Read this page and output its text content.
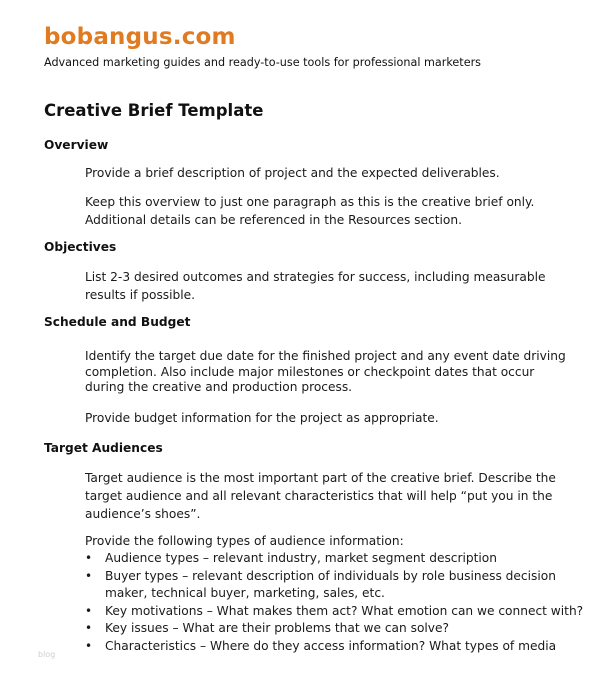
bobangus.com
Advanced marketing guides and ready-to-use tools for professional marketers
Creative Brief Template
Overview
Provide a brief description of project and the expected deliverables.
Keep this overview to just one paragraph as this is the creative brief only. Additional details can be referenced in the Resources section.
Objectives
List 2-3 desired outcomes and strategies for success, including measurable results if possible.
Schedule and Budget
Identify the target due date for the finished project and any event date driving completion. Also include major milestones or checkpoint dates that occur during the creative and production process.
Provide budget information for the project as appropriate.
Target Audiences
Target audience is the most important part of the creative brief. Describe the target audience and all relevant characteristics that will help “put you in the audience’s shoes”.
Provide the following types of audience information:
• Audience types – relevant industry, market segment description
• Buyer types – relevant description of individuals by role business decision maker, technical buyer, marketing, sales, etc.
• Key motivations – What makes them act? What emotion can we connect with?
• Key issues – What are their problems that we can solve?
• Characteristics – Where do they access information? What types of media
blog
